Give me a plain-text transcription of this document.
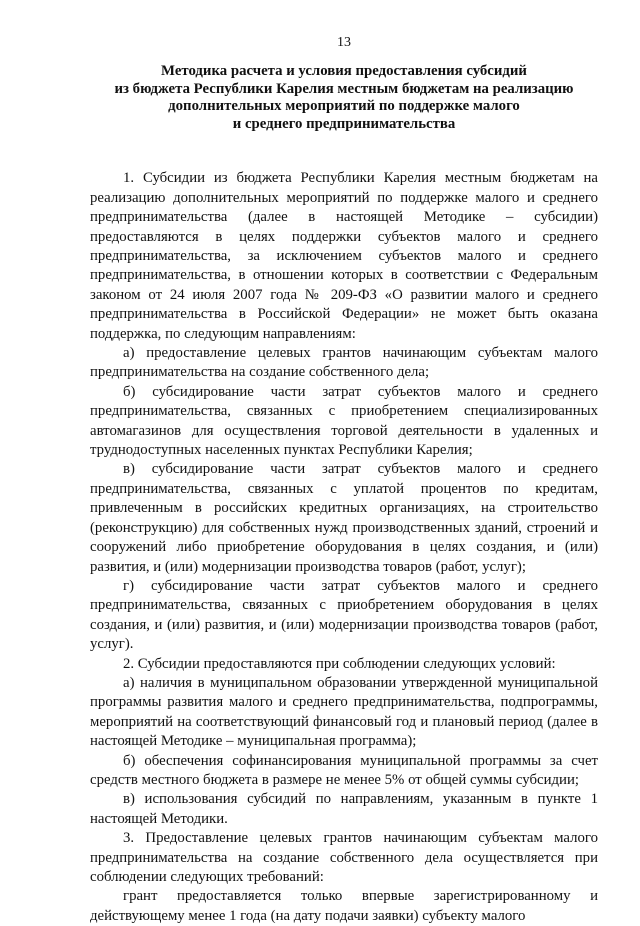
13
Методика расчета и условия предоставления субсидий
из бюджета Республики Карелия местным бюджетам на реализацию
дополнительных мероприятий по поддержке малого
и среднего предпринимательства

1. Субсидии из бюджета Республики Карелия местным бюджетам на реализацию дополнительных мероприятий по поддержке малого и среднего предпринимательства (далее в настоящей Методике – субсидии) предоставляются в целях поддержки субъектов малого и среднего предпринимательства, за исключением субъектов малого и среднего предпринимательства, в отношении которых в соответствии с Федеральным законом от 24 июля 2007 года № 209-ФЗ «О развитии малого и среднего предпринимательства в Российской Федерации» не может быть оказана поддержка, по следующим направлениям:

а) предоставление целевых грантов начинающим субъектам малого предпринимательства на создание собственного дела;

б) субсидирование части затрат субъектов малого и среднего предпринимательства, связанных с приобретением специализированных автомагазинов для осуществления торговой деятельности в удаленных и труднодоступных населенных пунктах Республики Карелия;

в) субсидирование части затрат субъектов малого и среднего предпринимательства, связанных с уплатой процентов по кредитам, привлеченным в российских кредитных организациях, на строительство (реконструкцию) для собственных нужд производственных зданий, строений и сооружений либо приобретение оборудования в целях создания, и (или) развития, и (или) модернизации производства товаров (работ, услуг);

г) субсидирование части затрат субъектов малого и среднего предпринимательства, связанных с приобретением оборудования в целях создания, и (или) развития, и (или) модернизации производства товаров (работ, услуг).

2. Субсидии предоставляются при соблюдении следующих условий:

а) наличия в муниципальном образовании утвержденной муниципальной программы развития малого и среднего предпринимательства, подпрограммы, мероприятий на соответствующий финансовый год и плановый период (далее в настоящей Методике – муниципальная программа);

б) обеспечения софинансирования муниципальной программы за счет средств местного бюджета в размере не менее 5% от общей суммы субсидии;

в) использования субсидий по направлениям, указанным в пункте 1 настоящей Методики.

3. Предоставление целевых грантов начинающим субъектам малого предпринимательства на создание собственного дела осуществляется при соблюдении следующих требований:

грант предоставляется только впервые зарегистрированному и действующему менее 1 года (на дату подачи заявки) субъекту малого
